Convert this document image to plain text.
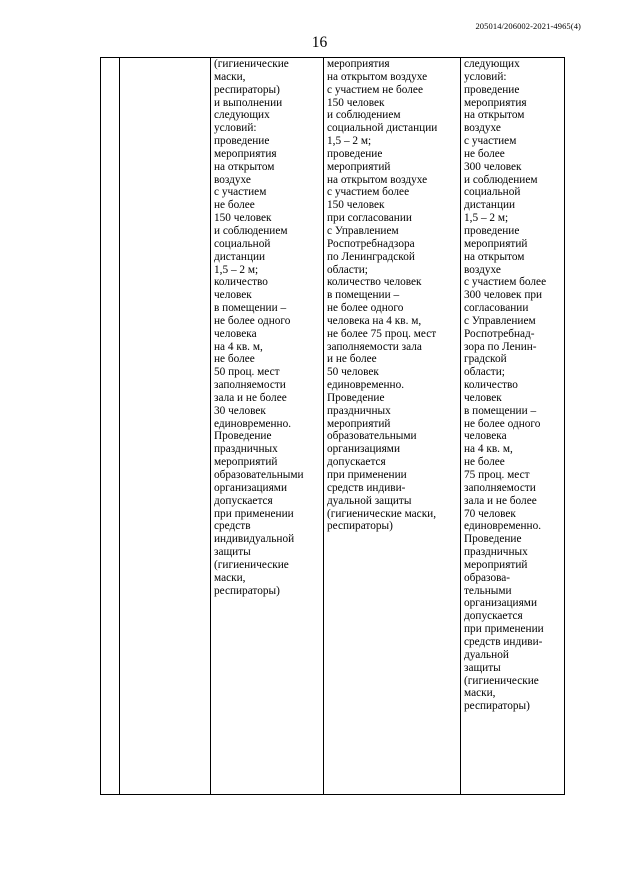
205014/206002-2021-4965(4)
16

(гигиенические
маски,
респираторы)
и выполнении
следующих
условий:
проведение
мероприятия
на открытом
воздухе
с участием
не более
150 человек
и соблюдением
социальной
дистанции
1,5 – 2 м;
количество
человек
в помещении –
не более одного
человека
на 4 кв. м,
не более
50 проц. мест
заполняемости
зала и не более
30 человек
единовременно.
Проведение
праздничных
мероприятий
образовательными
организациями
допускается
при применении
средств
индивидуальной
защиты
(гигиенические
маски,
респираторы)

мероприятия
на открытом воздухе
с участием не более
150 человек
и соблюдением
социальной дистанции
1,5 – 2 м;
проведение
мероприятий
на открытом воздухе
с участием более
150 человек
при согласовании
с Управлением
Роспотребнадзора
по Ленинградской
области;
количество человек
в помещении –
не более одного
человека на 4 кв. м,
не более 75 проц. мест
заполняемости зала
и не более
50 человек
единовременно.
Проведение
праздничных
мероприятий
образовательными
организациями
допускается
при применении
средств индиви-
дуальной защиты
(гигиенические маски,
респираторы)

следующих
условий:
проведение
мероприятия
на открытом
воздухе
с участием
не более
300 человек
и соблюдением
социальной
дистанции
1,5 – 2 м;
проведение
мероприятий
на открытом
воздухе
с участием более
300 человек при
согласовании
с Управлением
Роспотребнад-
зора по Ленин-
градской
области;
количество
человек
в помещении –
не более одного
человека
на 4 кв. м,
не более
75 проц. мест
заполняемости
зала и не более
70 человек
единовременно.
Проведение
праздничных
мероприятий
образова-
тельными
организациями
допускается
при применении
средств индиви-
дуальной
защиты
(гигиенические
маски,
респираторы)
